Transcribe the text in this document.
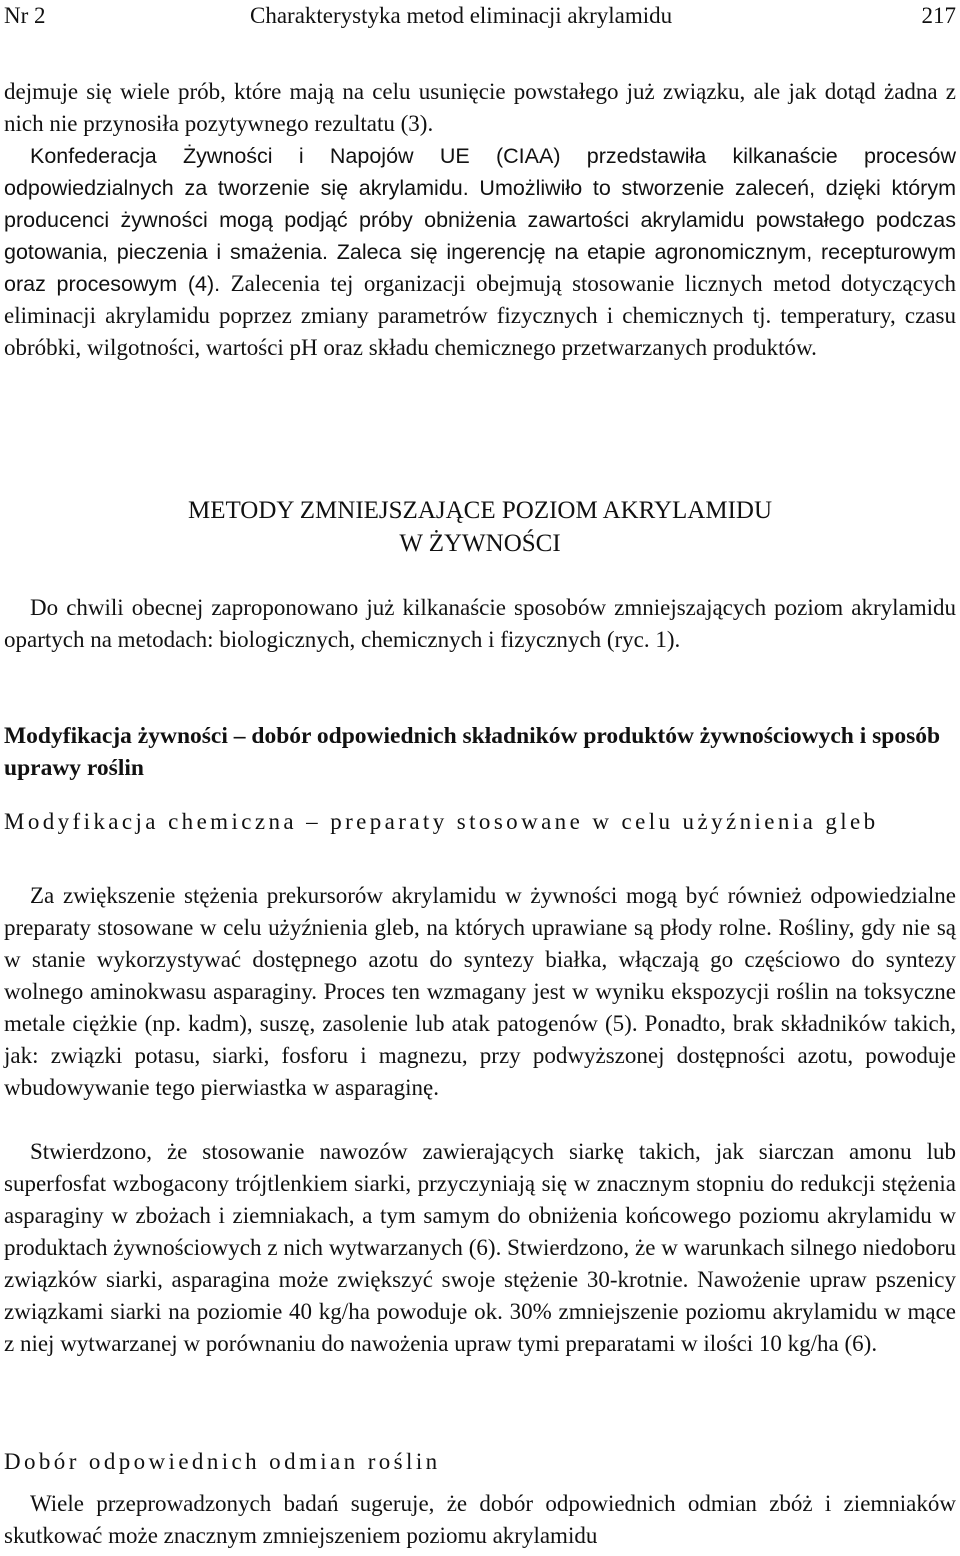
Nr 2	Charakterystyka metod eliminacji akrylamidu	217

dejmuje się wiele prób, które mają na celu usunięcie powstałego już związku, ale jak dotąd żadna z nich nie przynosiła pozytywnego rezultatu (3).

Konfederacja Żywności i Napojów UE (CIAA) przedstawiła kilkanaście procesów odpowiedzialnych za tworzenie się akrylamidu. Umożliwiło to stworzenie zaleceń, dzięki którym producenci żywności mogą podjąć próby obniżenia zawartości akrylamidu powstałego podczas gotowania, pieczenia i smażenia. Zaleca się ingerencję na etapie agronomicznym, recepturowym oraz procesowym (4). Zalecenia tej organizacji obejmują stosowanie licznych metod dotyczących eliminacji akrylamidu poprzez zmiany parametrów fizycznych i chemicznych tj. temperatury, czasu obróbki, wilgotności, wartości pH oraz składu chemicznego przetwarzanych produktów.

METODY ZMNIEJSZAJĄCE POZIOM AKRYLAMIDU
W ŻYWNOŚCI

Do chwili obecnej zaproponowano już kilkanaście sposobów zmniejszających poziom akrylamidu opartych na metodach: biologicznych, chemicznych i fizycznych (ryc. 1).

Modyfikacja żywności – dobór odpowiednich składników produktów żywnościowych i sposób uprawy roślin

Modyfikacja chemiczna – preparaty stosowane w celu użyźnienia gleb

Za zwiększenie stężenia prekursorów akrylamidu w żywności mogą być również odpowiedzialne preparaty stosowane w celu użyźnienia gleb, na których uprawiane są płody rolne. Rośliny, gdy nie są w stanie wykorzystywać dostępnego azotu do syntezy białka, włączają go częściowo do syntezy wolnego aminokwasu asparaginy. Proces ten wzmagany jest w wyniku ekspozycji roślin na toksyczne metale ciężkie (np. kadm), suszę, zasolenie lub atak patogenów (5). Ponadto, brak składników takich, jak: związki potasu, siarki, fosforu i magnezu, przy podwyższonej dostępności azotu, powoduje wbudowywanie tego pierwiastka w asparaginę.

Stwierdzono, że stosowanie nawozów zawierających siarkę takich, jak siarczan amonu lub superfosfat wzbogacony trójtlenkiem siarki, przyczyniają się w znacznym stopniu do redukcji stężenia asparaginy w zbożach i ziemniakach, a tym samym do obniżenia końcowego poziomu akrylamidu w produktach żywnościowych z nich wytwarzanych (6). Stwierdzono, że w warunkach silnego niedoboru związków siarki, asparagina może zwiększyć swoje stężenie 30-krotnie. Nawożenie upraw pszenicy związkami siarki na poziomie 40 kg/ha powoduje ok. 30% zmniejszenie poziomu akrylamidu w mące z niej wytwarzanej w porównaniu do nawożenia upraw tymi preparatami w ilości 10 kg/ha (6).

Dobór odpowiednich odmian roślin

Wiele przeprowadzonych badań sugeruje, że dobór odpowiednich odmian zbóż i ziemniaków skutkować może znacznym zmniejszeniem poziomu akrylamidu
